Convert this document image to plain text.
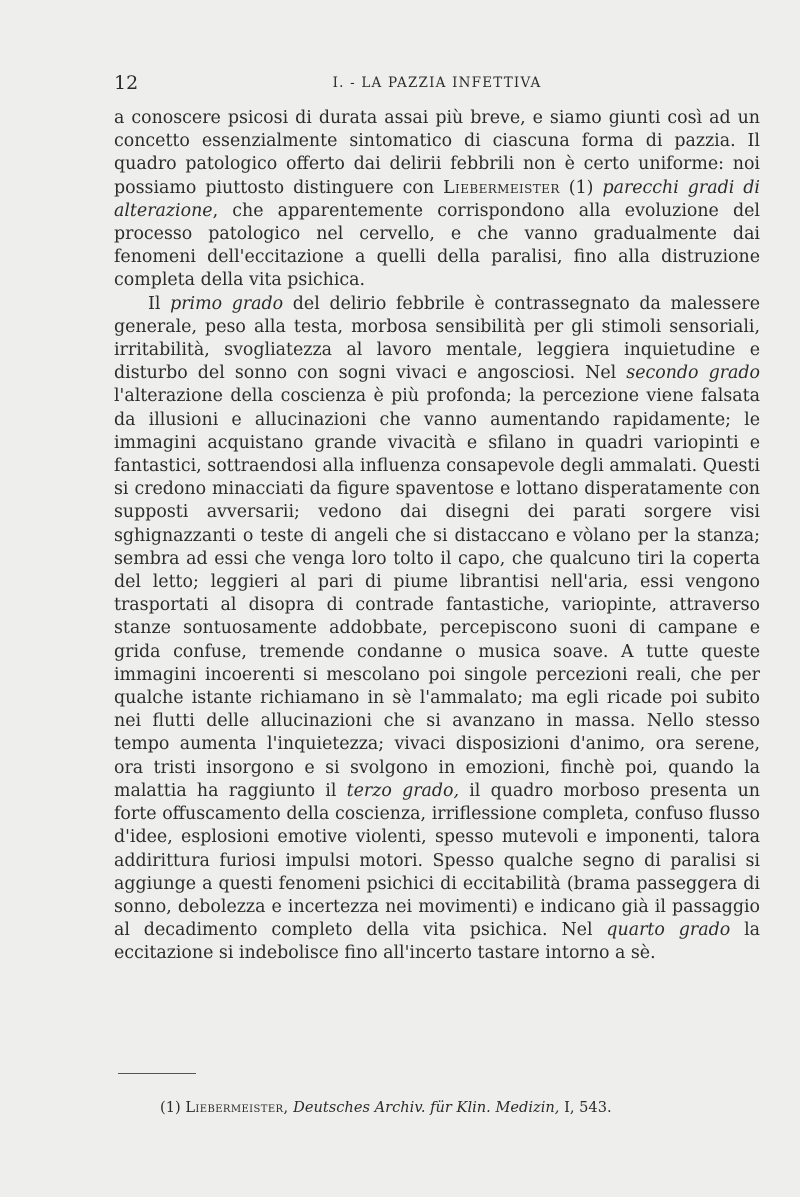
12	I. - LA PAZZIA INFETTIVA

a conoscere psicosi di durata assai più breve, e siamo giunti così ad un concetto essenzialmente sintomatico di ciascuna forma di pazzia. Il quadro patologico offerto dai delirii febbrili non è certo uniforme: noi possiamo piuttosto distinguere con Liebermeister (1) parecchi gradi di alterazione, che apparentemente corrispondono alla evoluzione del processo patologico nel cervello, e che vanno gradualmente dai fenomeni dell'eccitazione a quelli della paralisi, fino alla distruzione completa della vita psichica.

Il primo grado del delirio febbrile è contrassegnato da malessere generale, peso alla testa, morbosa sensibilità per gli stimoli sensoriali, irritabilità, svogliatezza al lavoro mentale, leggiera inquietudine e disturbo del sonno con sogni vivaci e angosciosi. Nel secondo grado l'alterazione della coscienza è più profonda; la percezione viene falsata da illusioni e allucinazioni che vanno aumentando rapidamente; le immagini acquistano grande vivacità e sfilano in quadri variopinti e fantastici, sottraendosi alla influenza consapevole degli ammalati. Questi si credono minacciati da figure spaventose e lottano disperatamente con supposti avversarii; vedono dai disegni dei parati sorgere visi sghignazzanti o teste di angeli che si distaccano e vòlano per la stanza; sembra ad essi che venga loro tolto il capo, che qualcuno tiri la coperta del letto; leggieri al pari di piume librantisi nell'aria, essi vengono trasportati al disopra di contrade fantastiche, variopinte, attraverso stanze sontuosamente addobbate, percepiscono suoni di campane e grida confuse, tremende condanne o musica soave. A tutte queste immagini incoerenti si mescolano poi singole percezioni reali, che per qualche istante richiamano in sè l'ammalato; ma egli ricade poi subito nei flutti delle allucinazioni che si avanzano in massa. Nello stesso tempo aumenta l'inquietezza; vivaci disposizioni d'animo, ora serene, ora tristi insorgono e si svolgono in emozioni, finchè poi, quando la malattia ha raggiunto il terzo grado, il quadro morboso presenta un forte offuscamento della coscienza, irriflessione completa, confuso flusso d'idee, esplosioni emotive violenti, spesso mutevoli e imponenti, talora addirittura furiosi impulsi motori. Spesso qualche segno di paralisi si aggiunge a questi fenomeni psichici di eccitabilità (brama passeggera di sonno, debolezza e incertezza nei movimenti) e indicano già il passaggio al decadimento completo della vita psichica. Nel quarto grado la eccitazione si indebolisce fino all'incerto tastare intorno a sè.

(1) Liebermeister, Deutsches Archiv. für Klin. Medizin, I, 543.
